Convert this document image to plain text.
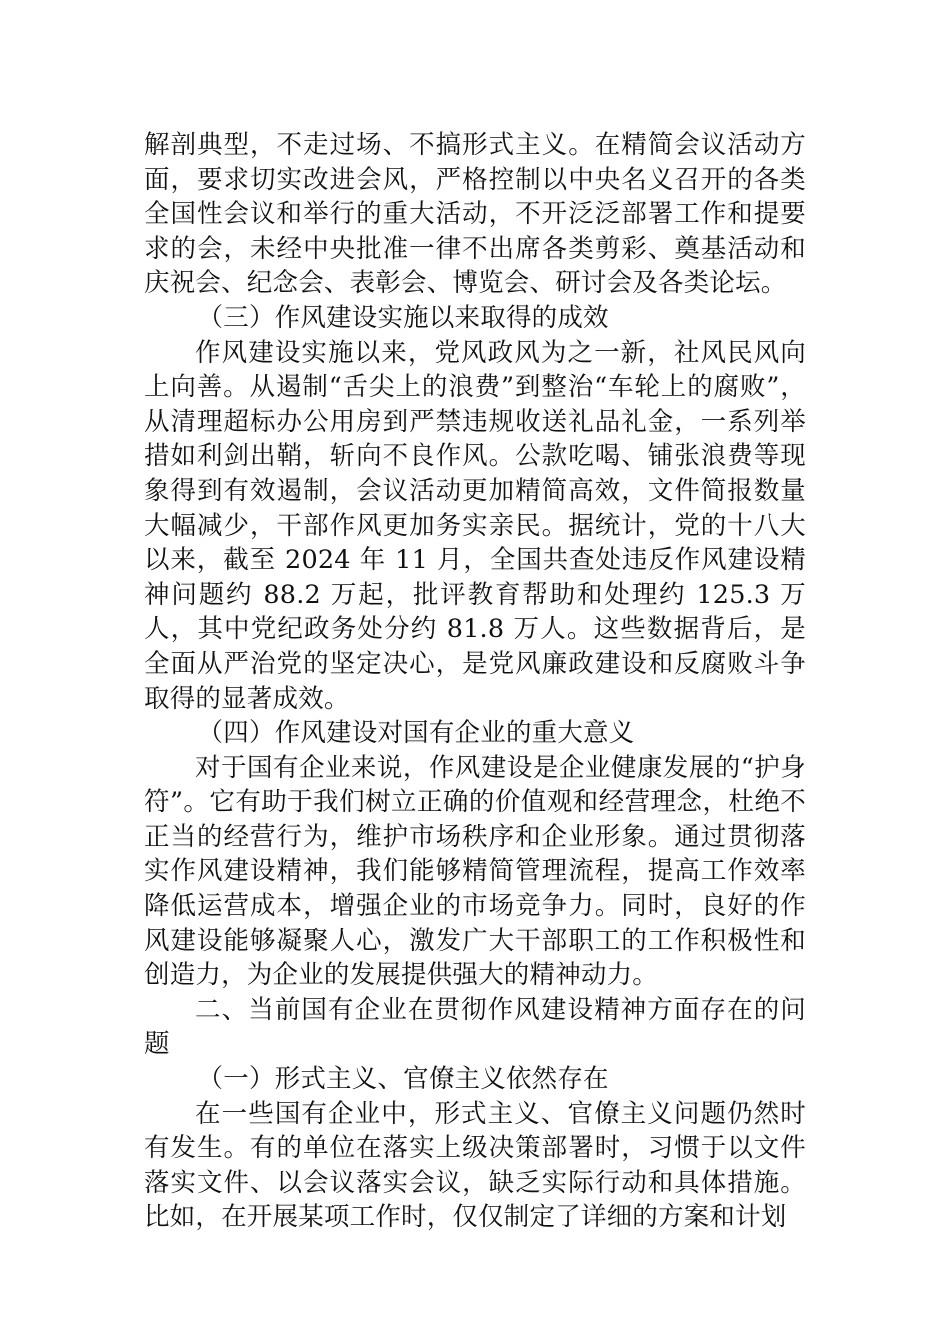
解剖典型，不走过场、不搞形式主义。在精简会议活动方面，要求切实改进会风，严格控制以中央名义召开的各类全国性会议和举行的重大活动，不开泛泛部署工作和提要求的会，未经中央批准一律不出席各类剪彩、奠基活动和庆祝会、纪念会、表彰会、博览会、研讨会及各类论坛。

（三）作风建设实施以来取得的成效

作风建设实施以来，党风政风为之一新，社风民风向上向善。从遏制“舌尖上的浪费”到整治“车轮上的腐败”，从清理超标办公用房到严禁违规收送礼品礼金，一系列举措如利剑出鞘，斩向不良作风。公款吃喝、铺张浪费等现象得到有效遏制，会议活动更加精简高效，文件简报数量大幅减少，干部作风更加务实亲民。据统计，党的十八大以来，截至 2024 年 11 月，全国共查处违反作风建设精神问题约 88.2 万起，批评教育帮助和处理约 125.3 万人，其中党纪政务处分约 81.8 万人。这些数据背后，是全面从严治党的坚定决心，是党风廉政建设和反腐败斗争取得的显著成效。

（四）作风建设对国有企业的重大意义

对于国有企业来说，作风建设是企业健康发展的“护身符”。它有助于我们树立正确的价值观和经营理念，杜绝不正当的经营行为，维护市场秩序和企业形象。通过贯彻落实作风建设精神，我们能够精简管理流程，提高工作效率降低运营成本，增强企业的市场竞争力。同时，良好的作风建设能够凝聚人心，激发广大干部职工的工作积极性和创造力，为企业的发展提供强大的精神动力。

二、当前国有企业在贯彻作风建设精神方面存在的问题

（一）形式主义、官僚主义依然存在

在一些国有企业中，形式主义、官僚主义问题仍然时有发生。有的单位在落实上级决策部署时，习惯于以文件落实文件、以会议落实会议，缺乏实际行动和具体措施。比如，在开展某项工作时，仅仅制定了详细的方案和计划
